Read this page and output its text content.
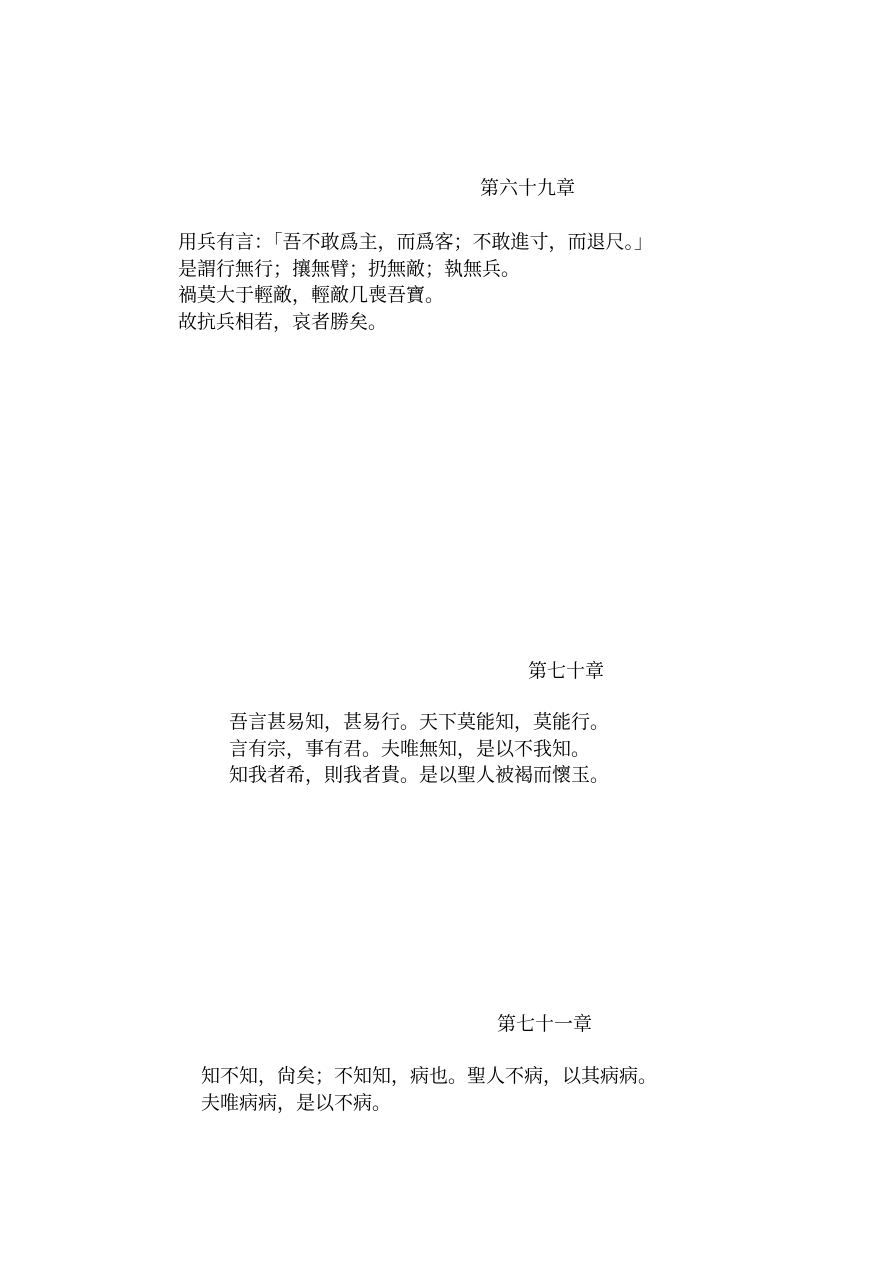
第六十九章
用兵有言：「吾不敢爲主，而爲客；不敢進寸，而退尺。」
是謂行無行；攘無臂；扔無敵；執無兵。
禍莫大于輕敵，輕敵几喪吾寶。
故抗兵相若，哀者勝矣。
第七十章
吾言甚易知，甚易行。天下莫能知，莫能行。
言有宗，事有君。夫唯無知，是以不我知。
知我者希，則我者貴。是以聖人被褐而懷玉。
第七十一章
知不知，尙矣；不知知，病也。聖人不病，以其病病。
夫唯病病，是以不病。
